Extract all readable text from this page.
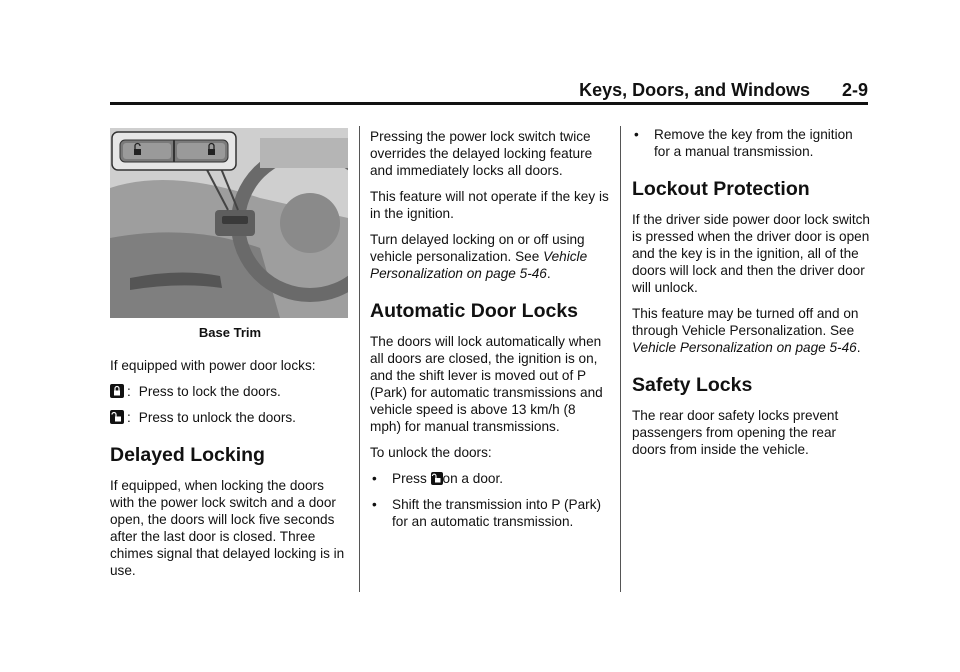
Keys, Doors, and Windows 2-9
Base Trim

If equipped with power door locks:

: Press to lock the doors.
: Press to unlock the doors.
Delayed Locking

If equipped, when locking the doors with the power lock switch and a door open, the doors will lock five seconds after the last door is closed. Three chimes signal that delayed locking is in use.

Pressing the power lock switch twice overrides the delayed locking feature and immediately locks all doors.

This feature will not operate if the key is in the ignition.

Turn delayed locking on or off using vehicle personalization. See Vehicle Personalization on page 5-46.

Automatic Door Locks

The doors will lock automatically when all doors are closed, the ignition is on, and the shift lever is moved out of P (Park) for automatic transmissions and vehicle speed is above 13 km/h (8 mph) for manual transmissions.

To unlock the doors:

• Press on a door.
• Shift the transmission into P (Park) for an automatic transmission.
• Remove the key from the ignition for a manual transmission.
Lockout Protection

If the driver side power door lock switch is pressed when the driver door is open and the key is in the ignition, all of the doors will lock and then the driver door will unlock.

This feature may be turned off and on through Vehicle Personalization. See Vehicle Personalization on page 5-46.

Safety Locks

The rear door safety locks prevent passengers from opening the rear doors from inside the vehicle.
